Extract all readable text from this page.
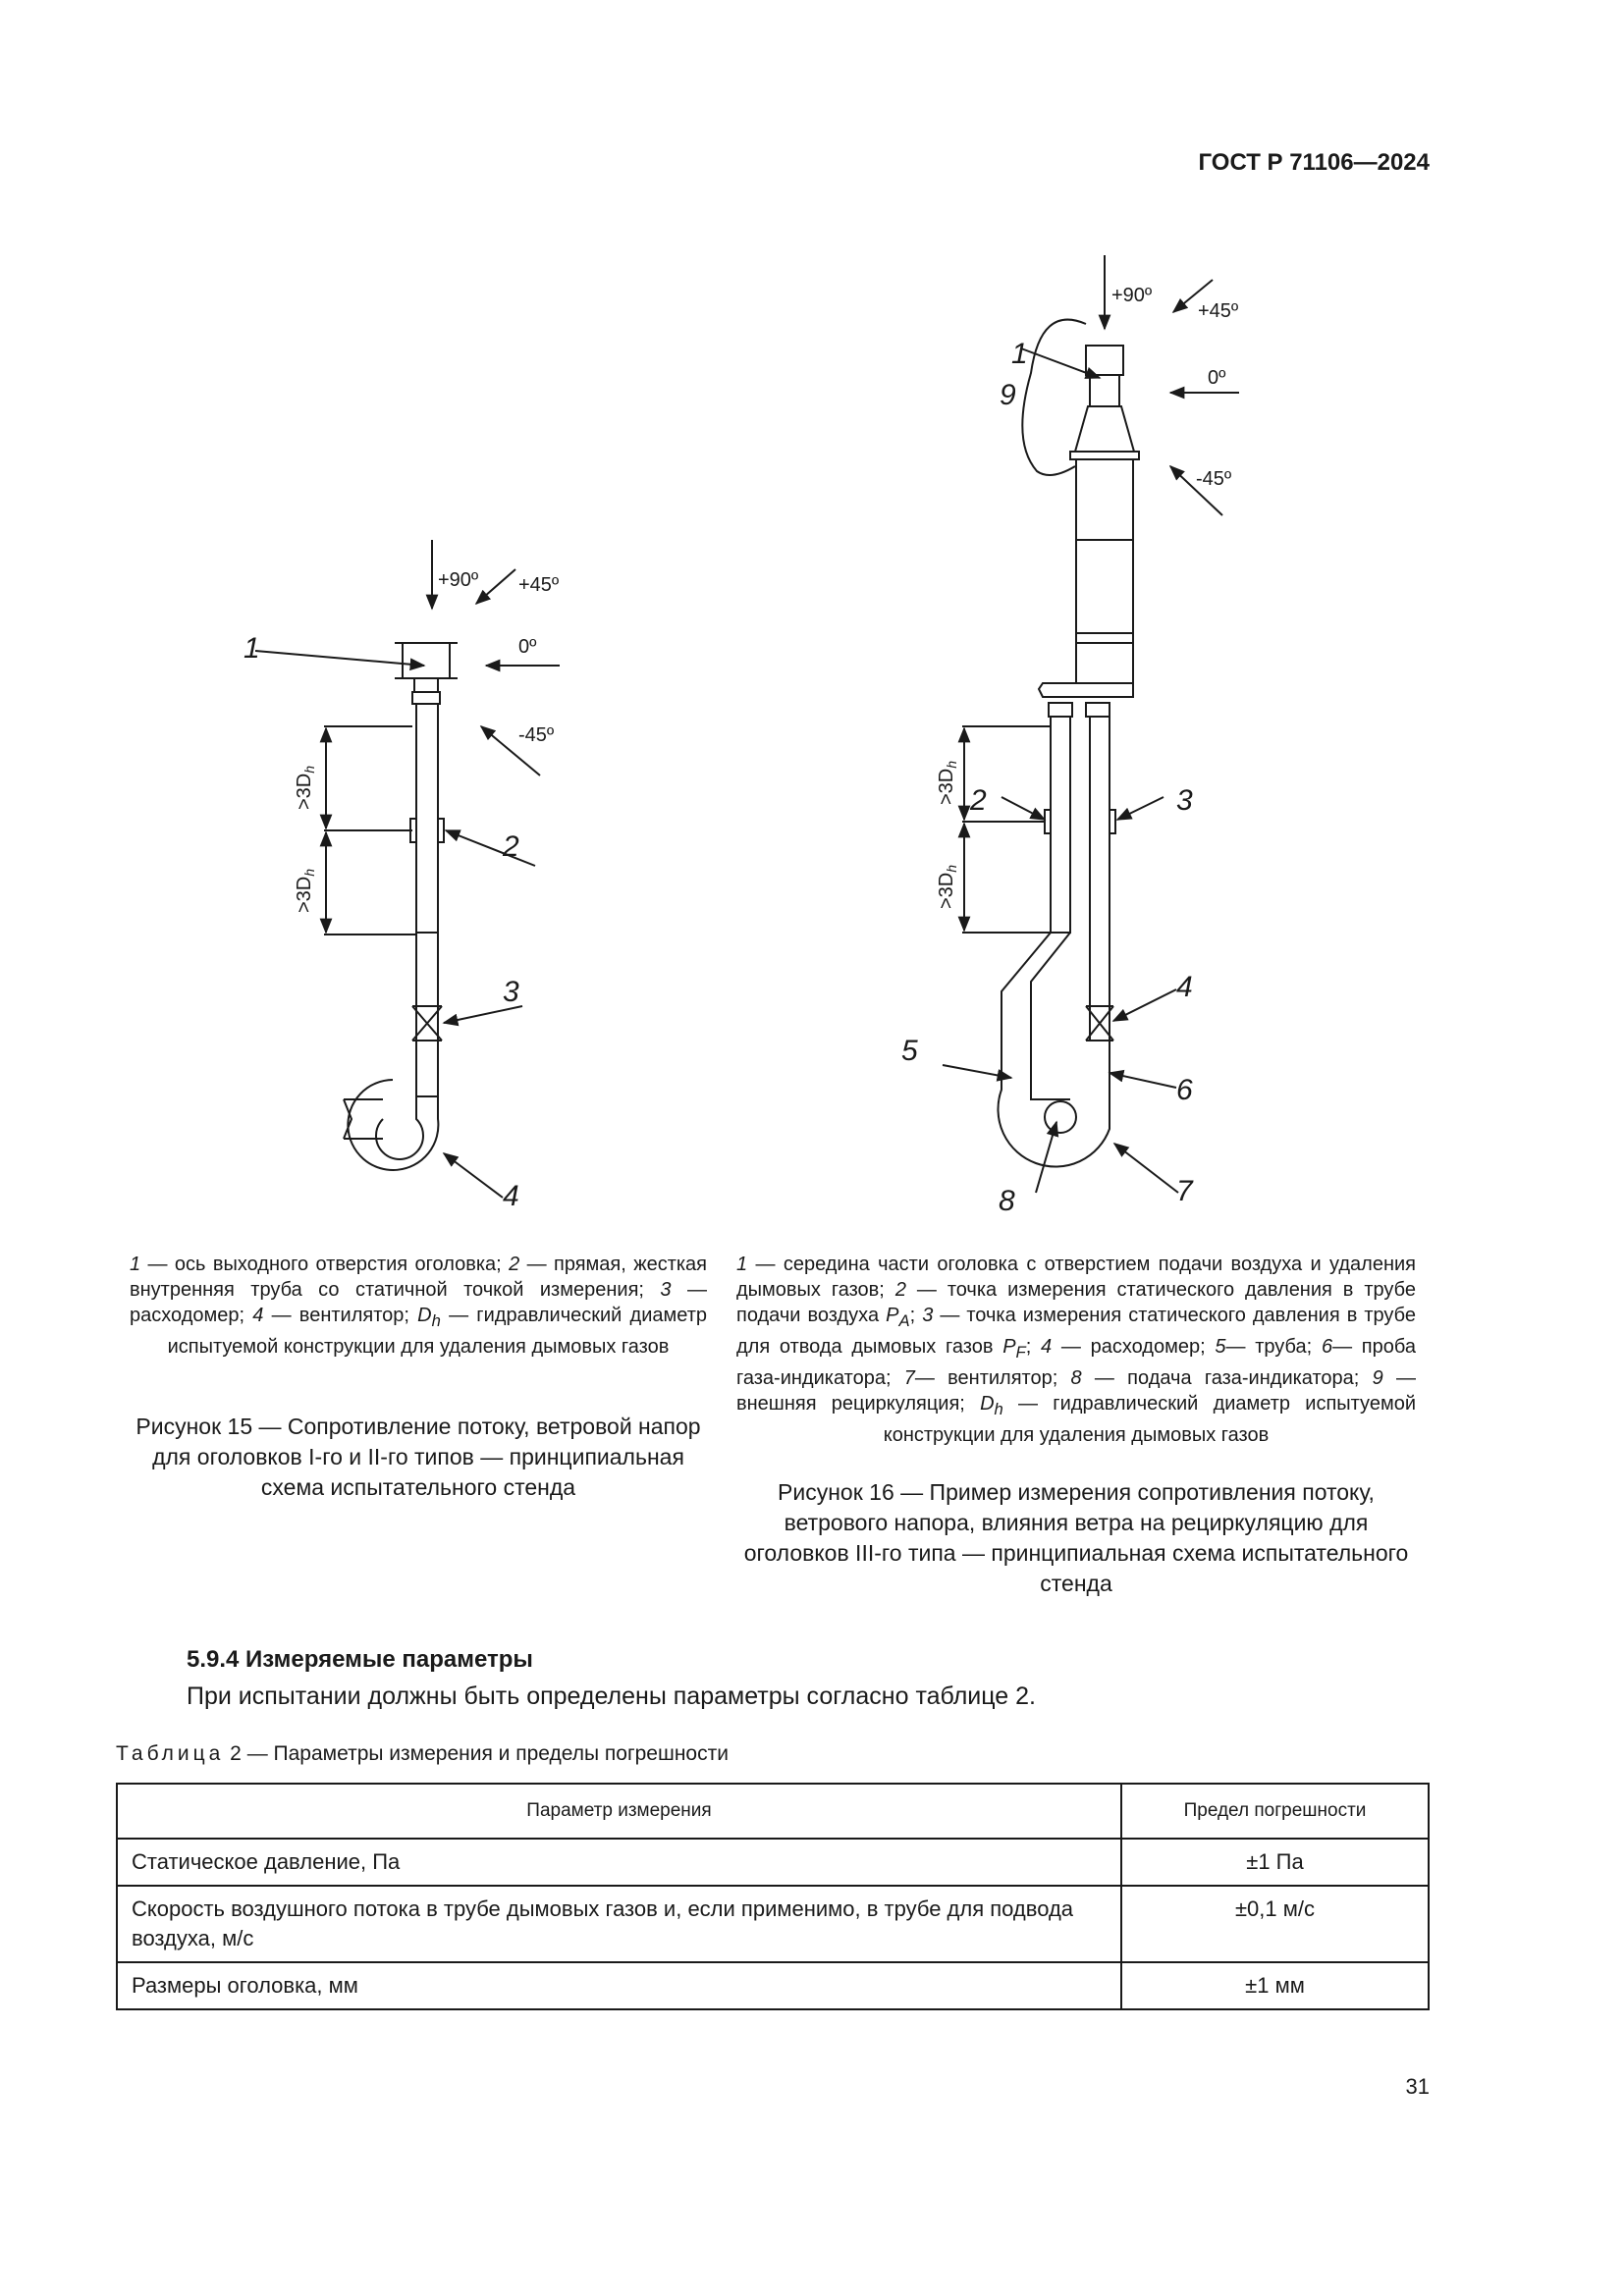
ГОСТ Р 71106—2024
+90º +45º
0º
-45º
$>3D_h$
$>3D_h$
1
2
3
4
+90º
+45º
0º
-45º
$>3D_h$
$>3D_h$
1
2	3
4
5
6
7
8
9
1 — ось выходного отверстия оголовка; 2 — прямая, жесткая внутренняя труба со статичной точкой измерения; 3 — расходомер; 4 — вентилятор; $D_h$ — гидравлический диаметр испытуемой конструкции для удаления дымовых газов
Рисунок 15 — Сопротивление потоку, ветровой напор для оголовков I-го и II-го типов — принципиальная схема испытательного стенда
1 — середина части оголовка с отверстием подачи воздуха и удаления дымовых газов; 2 — точка измерения статического давления в трубе подачи воздуха $P_A$; 3 — точка измерения статического давления в трубе для отвода дымовых газов $P_F$; 4 — расходомер; 5— труба; 6— проба газа-индикатора; 7— вентилятор; 8 — подача газа-индикатора; 9 — внешняя рециркуляция; $D_h$ — гидравлический диаметр испытуемой конструкции для удаления дымовых газов
Рисунок 16 — Пример измерения сопротивления потоку, ветрового напора, влияния ветра на рециркуляцию для оголовков III-го типа — принципиальная схема испытательного стенда
5.9.4 Измеряемые параметры
При испытании должны быть определены параметры согласно таблице 2.
Таблица 2 — Параметры измерения и пределы погрешности
Параметр измерения	Предел погрешности
Статическое давление, Па	±1 Па
Скорость воздушного потока в трубе дымовых газов и, если применимо, в трубе для подвода воздуха, м/с	±0,1 м/с
Размеры оголовка, мм	±1 мм
31
